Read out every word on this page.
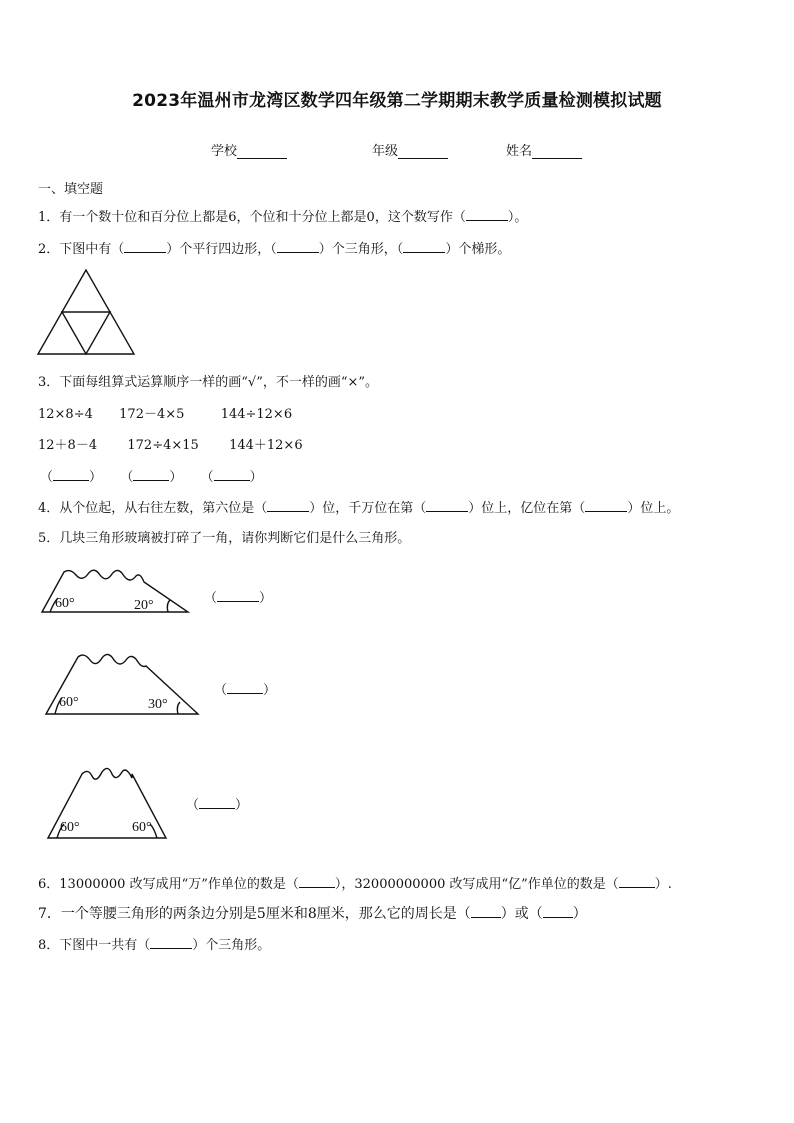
2023年温州市龙湾区数学四年级第二学期期末教学质量检测模拟试题
学校	年级	姓名
一、填空题
1．有一个数十位和百分位上都是6，个位和十分位上都是0，这个数写作（	）。
2．下图中有（	）个平行四边形，（	）个三角形，（	）个梯形。
3．下面每组算式运算顺序一样的画“√”，不一样的画“×”。
12×8÷4 172－4×5	144÷12×6
12＋8－4 172÷4×15 144＋12×6
（	） （	） （	）
4．从个位起，从右往左数，第六位是（	）位，千万位在第（	）位上，亿位在第（	）位上。
5．几块三角形玻璃被打碎了一角，请你判断它们是什么三角形。
60°	20°	（	）
60°	30°
（	）
60°	60°
（	）
6．13000000 改写成用“万”作单位的数是（	），32000000000 改写成用“亿”作单位的数是（	）.
7．一个等腰三角形的两条边分别是5厘米和8厘米，那么它的周长是（ ）或（ ）
8．下图中一共有（	）个三角形。
